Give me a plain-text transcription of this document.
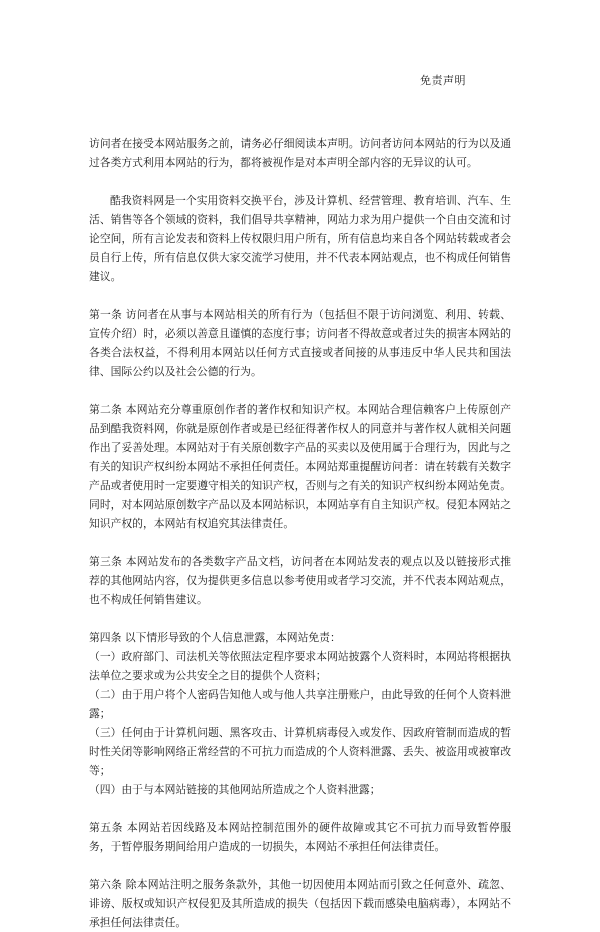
免责声明

访问者在接受本网站服务之前，请务必仔细阅读本声明。访问者访问本网站的行为以及通过各类方式利用本网站的行为，都将被视作是对本声明全部内容的无异议的认可。

酷我资料网是一个实用资料交换平台，涉及计算机、经营管理、教育培训、汽车、生活、销售等各个领域的资料，我们倡导共享精神，网站力求为用户提供一个自由交流和讨论空间，所有言论发表和资料上传权限归用户所有，所有信息均来自各个网站转载或者会员自行上传，所有信息仅供大家交流学习使用，并不代表本网站观点，也不构成任何销售建议。

第一条 访问者在从事与本网站相关的所有行为（包括但不限于访问浏览、利用、转载、宣传介绍）时，必须以善意且谨慎的态度行事；访问者不得故意或者过失的损害本网站的各类合法权益，不得利用本网站以任何方式直接或者间接的从事违反中华人民共和国法律、国际公约以及社会公德的行为。

第二条 本网站充分尊重原创作者的著作权和知识产权。本网站合理信赖客户上传原创产品到酷我资料网，你就是原创作者或是已经征得著作权人的同意并与著作权人就相关问题作出了妥善处理。本网站对于有关原创数字产品的买卖以及使用属于合理行为，因此与之有关的知识产权纠纷本网站不承担任何责任。本网站郑重提醒访问者：请在转载有关数字产品或者使用时一定要遵守相关的知识产权，否则与之有关的知识产权纠纷本网站免责。 同时，对本网站原创数字产品以及本网站标识，本网站享有自主知识产权。侵犯本网站之知识产权的，本网站有权追究其法律责任。

第三条 本网站发布的各类数字产品文档，访问者在本网站发表的观点以及以链接形式推荐的其他网站内容，仅为提供更多信息以参考使用或者学习交流，并不代表本网站观点，也不构成任何销售建议。

第四条 以下情形导致的个人信息泄露，本网站免责：

（一）政府部门、司法机关等依照法定程序要求本网站披露个人资料时，本网站将根据执法单位之要求或为公共安全之目的提供个人资料；

（二）由于用户将个人密码告知他人或与他人共享注册账户，由此导致的任何个人资料泄露；

（三）任何由于计算机问题、黑客攻击、计算机病毒侵入或发作、因政府管制而造成的暂时性关闭等影响网络正常经营的不可抗力而造成的个人资料泄露、丢失、被盗用或被窜改等；

（四）由于与本网站链接的其他网站所造成之个人资料泄露；

第五条 本网站若因线路及本网站控制范围外的硬件故障或其它不可抗力而导致暂停服务，于暂停服务期间给用户造成的一切损失，本网站不承担任何法律责任。

第六条 除本网站注明之服务条款外，其他一切因使用本网站而引致之任何意外、疏忽、诽谤、版权或知识产权侵犯及其所造成的损失（包括因下载而感染电脑病毒），本网站不承担任何法律责任。
